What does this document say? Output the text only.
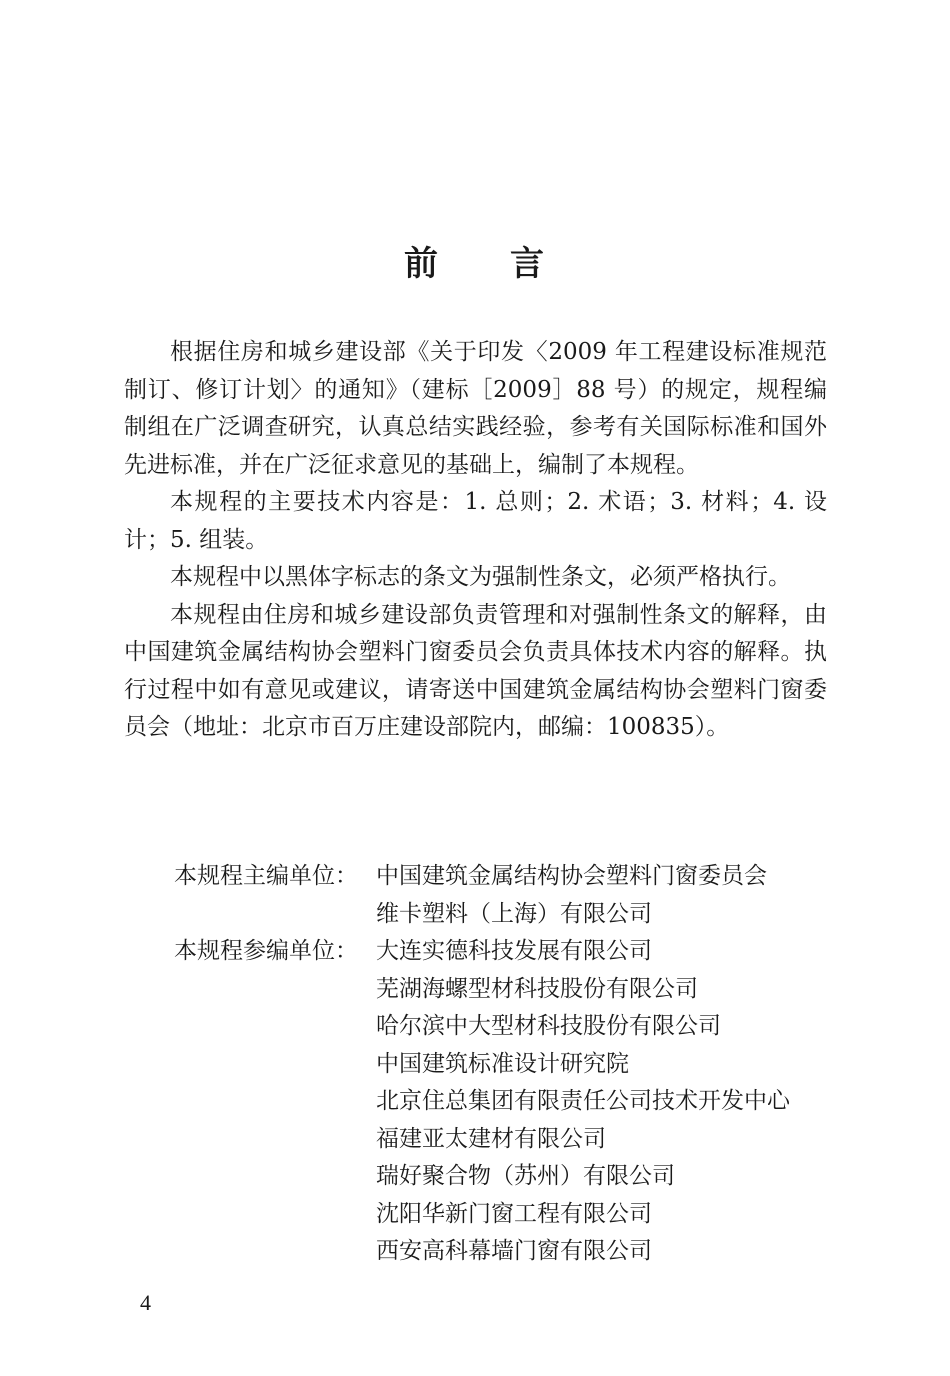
前 言

根据住房和城乡建设部《关于印发〈2009 年工程建设标准规范制订、修订计划〉的通知》（建标［2009］88 号）的规定，规程编制组在广泛调查研究，认真总结实践经验，参考有关国际标准和国外先进标准，并在广泛征求意见的基础上，编制了本规程。

本规程的主要技术内容是：1. 总则；2. 术语；3. 材料；4. 设计；5. 组装。

本规程中以黑体字标志的条文为强制性条文，必须严格执行。

本规程由住房和城乡建设部负责管理和对强制性条文的解释，由中国建筑金属结构协会塑料门窗委员会负责具体技术内容的解释。执行过程中如有意见或建议，请寄送中国建筑金属结构协会塑料门窗委员会（地址：北京市百万庄建设部院内，邮编：100835）。

本规程主编单位： 中国建筑金属结构协会塑料门窗委员会
维卡塑料（上海）有限公司
本规程参编单位： 大连实德科技发展有限公司
芜湖海螺型材科技股份有限公司
哈尔滨中大型材科技股份有限公司
中国建筑标准设计研究院
北京住总集团有限责任公司技术开发中心
福建亚太建材有限公司
瑞好聚合物（苏州）有限公司
沈阳华新门窗工程有限公司
西安高科幕墙门窗有限公司
4
